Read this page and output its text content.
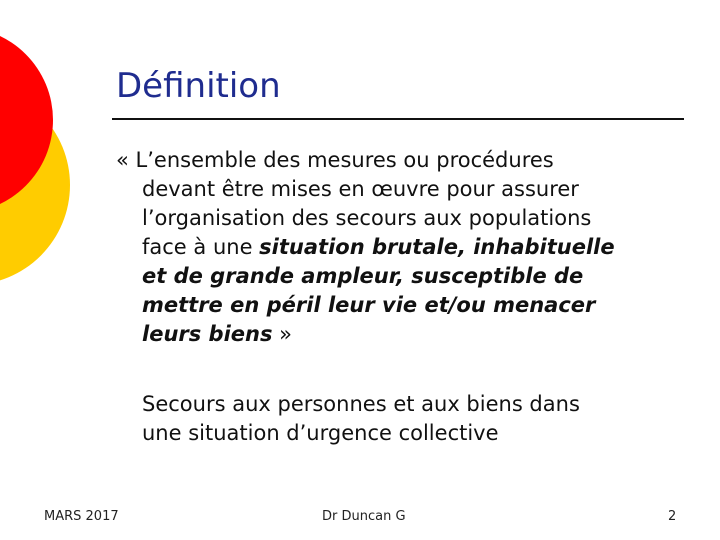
Définition
« L’ensemble des mesures ou procédures
devant être mises en œuvre pour assurer
l’organisation des secours aux populations
face à une situation brutale, inhabituelle
et de grande ampleur, susceptible de
mettre en péril leur vie et/ou menacer
leurs biens »
Secours aux personnes et aux biens dans
une situation d’urgence collective
MARS 2017	Dr Duncan G	2
